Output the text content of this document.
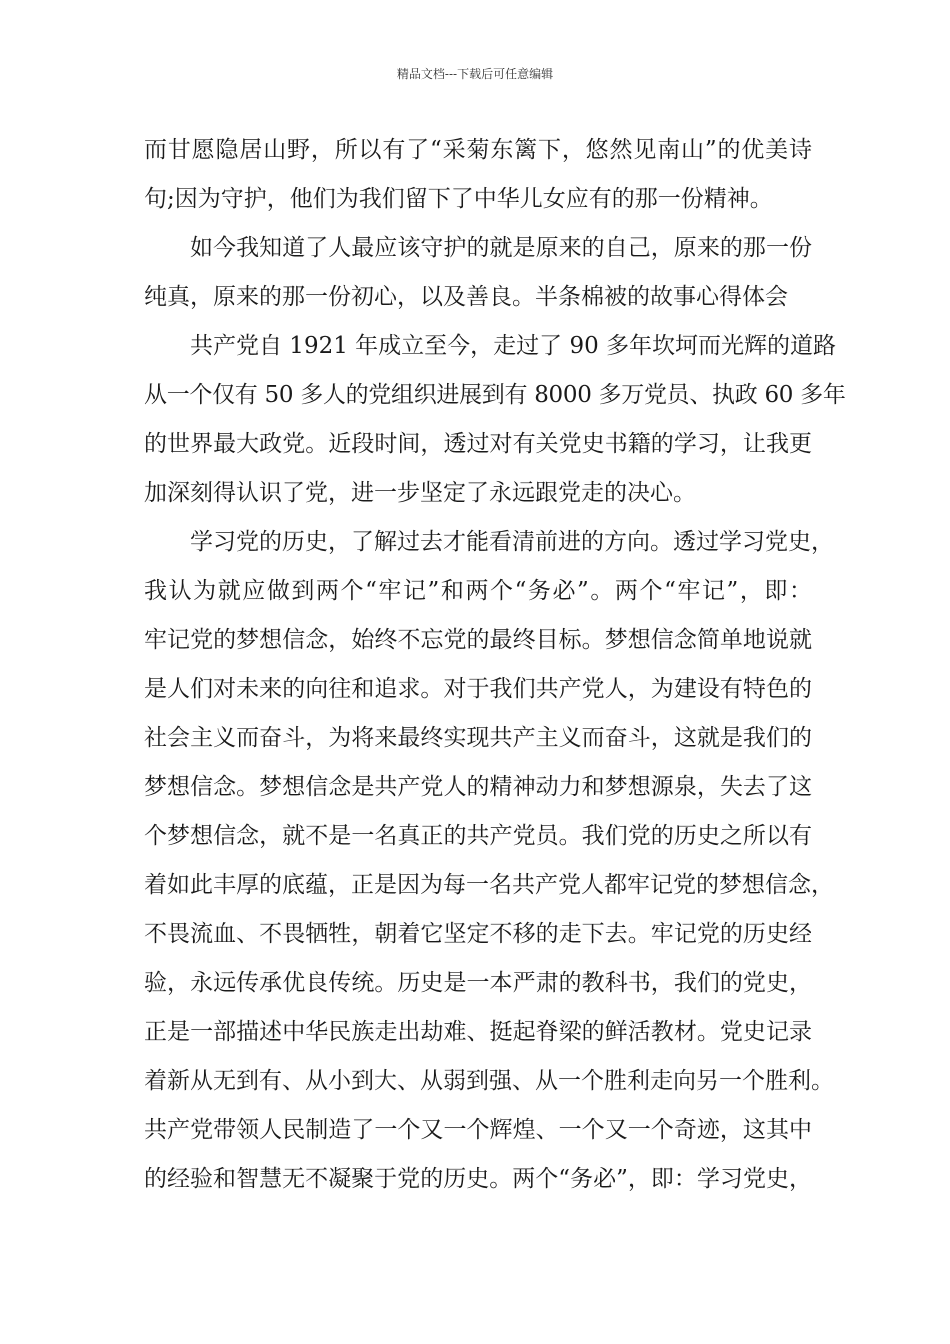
精品文档---下载后可任意编辑
而甘愿隐居山野，所以有了“采菊东篱下，悠然见南山”的优美诗
句;因为守护，他们为我们留下了中华儿女应有的那一份精神。
如今我知道了人最应该守护的就是原来的自己，原来的那一份
纯真，原来的那一份初心，以及善良。半条棉被的故事心得体会
共产党自 1921 年成立至今，走过了 90 多年坎坷而光辉的道路
从一个仅有 50 多人的党组织进展到有 8000 多万党员、执政 60 多年
的世界最大政党。近段时间，透过对有关党史书籍的学习，让我更
加深刻得认识了党，进一步坚定了永远跟党走的决心。
学习党的历史，了解过去才能看清前进的方向。透过学习党史，
我认为就应做到两个“牢记”和两个“务必”。两个“牢记”，即：
牢记党的梦想信念，始终不忘党的最终目标。梦想信念简单地说就
是人们对未来的向往和追求。对于我们共产党人，为建设有特色的
社会主义而奋斗，为将来最终实现共产主义而奋斗，这就是我们的
梦想信念。梦想信念是共产党人的精神动力和梦想源泉，失去了这
个梦想信念，就不是一名真正的共产党员。我们党的历史之所以有
着如此丰厚的底蕴，正是因为每一名共产党人都牢记党的梦想信念，
不畏流血、不畏牺牲，朝着它坚定不移的走下去。牢记党的历史经
验，永远传承优良传统。历史是一本严肃的教科书，我们的党史，
正是一部描述中华民族走出劫难、挺起脊梁的鲜活教材。党史记录
着新从无到有、从小到大、从弱到强、从一个胜利走向另一个胜利。
共产党带领人民制造了一个又一个辉煌、一个又一个奇迹，这其中
的经验和智慧无不凝聚于党的历史。两个“务必”，即：学习党史，
